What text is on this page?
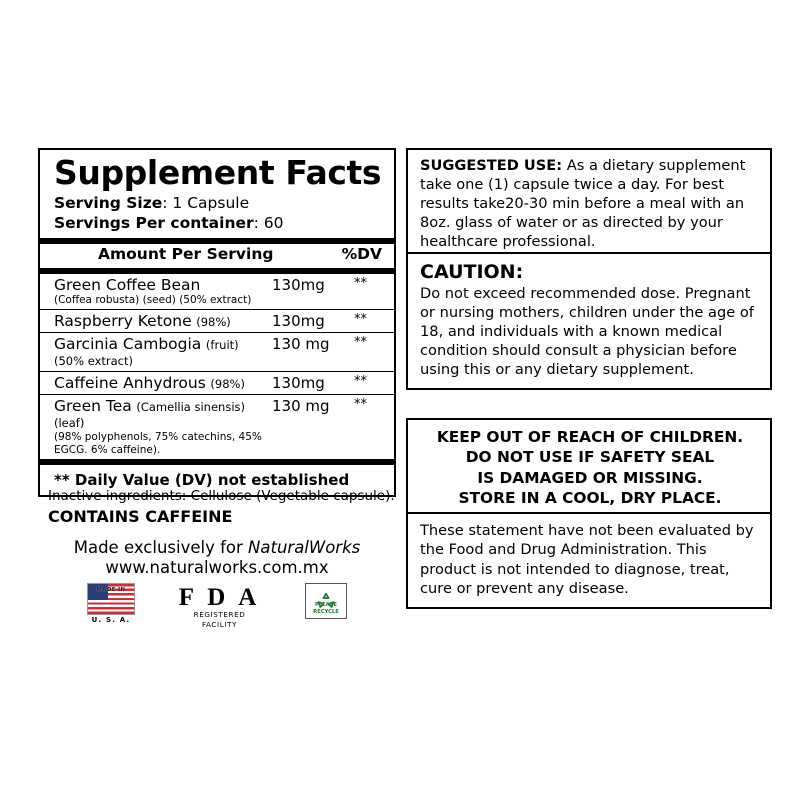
Supplement Facts
Serving Size: 1 Capsule
Servings Per container: 60
Amount Per Serving	%DV
Green Coffee Bean
(Coffea robusta) (seed) (50% extract)	130mg	**
Raspberry Ketone (98%)	130mg	**
Garcinia Cambogia (fruit) (50% extract)	130 mg	**
Caffeine Anhydrous (98%)	130mg	**
Green Tea (Camellia sinensis) (leaf)
(98% polyphenols, 75% catechins, 45% EGCG. 6% caffeine).	130 mg	**
** Daily Value (DV) not established
Inactive ingredients: Cellulose (Vegetable capsule).
CONTAINS CAFFEINE
Made exclusively for NaturalWorks
www.naturalworks.com.mx
MADE IN
U. S. A.
F D A
REGISTERED
FACILITY
PLEASE
RECYCLE
SUGGESTED USE: As a dietary supplement take one (1) capsule twice a day. For best results take20-30 min before a meal with an 8oz. glass of water or as directed by your healthcare professional.
CAUTION:
Do not exceed recommended dose. Pregnant or nursing mothers, children under the age of 18, and individuals with a known medical condition should consult a physician before using this or any dietary supplement.
KEEP OUT OF REACH OF CHILDREN.
DO NOT USE IF SAFETY SEAL
IS DAMAGED OR MISSING.
STORE IN A COOL, DRY PLACE.
These statement have not been evaluated by the Food and Drug Administration. This product is not intended to diagnose, treat, cure or prevent any disease.
